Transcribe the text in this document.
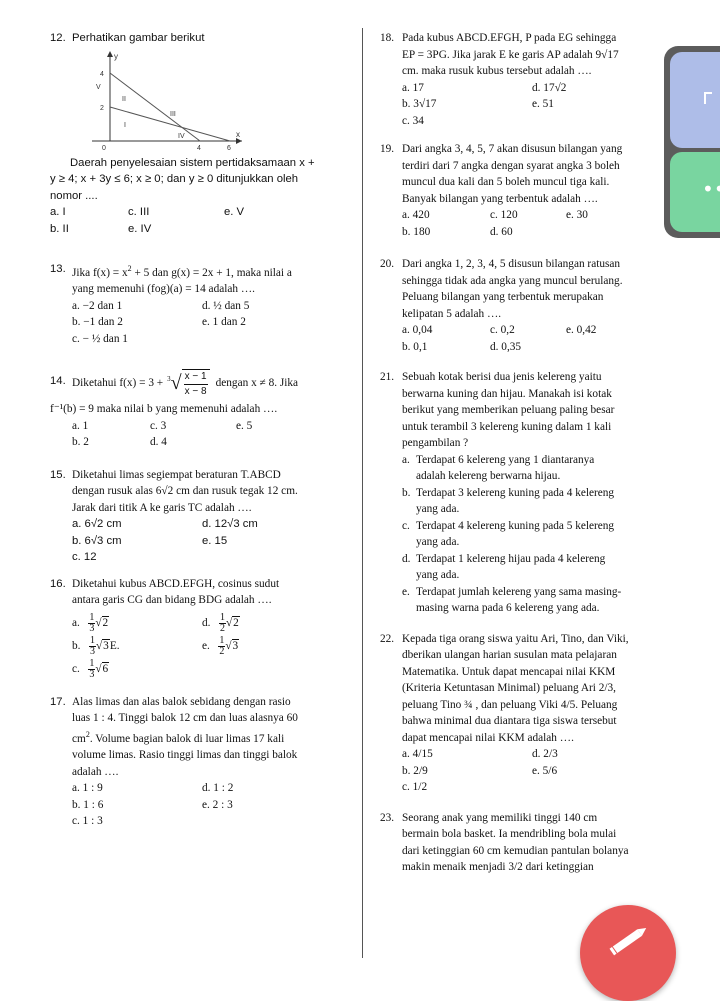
12. Perhatikan gambar berikut
y
x
4
2
0	4	6
V
II
III
I
IV
Daerah penyelesaian sistem pertidaksamaan x +
y ≥ 4; x + 3y ≤ 6; x ≥ 0; dan y ≥ 0 ditunjukkan oleh
nomor ....
a. I	c. III	e. V
b. II	e. IV
13. Jika $f(x) = x^2 + 5$ dan g(x) = 2x + 1, maka nilai a
yang memenuhi (fog)(a) = 14 adalah ….
a. −2 dan 1	d. ½ dan 5
b. −1 dan 2	e. 1 dan 2
c. − ½ dan 1
14. Diketahui f(x) = 3 + 3 √ $\frac{x - 1}{x - 8}$ dengan x ≠ 8. Jika
f⁻¹(b) = 9 maka nilai b yang memenuhi adalah ….
a. 1	c. 3	e. 5
b. 2	d. 4
15. Diketahui limas segiempat beraturan T.ABCD
dengan rusuk alas 6√2 cm dan rusuk tegak 12 cm.
Jarak dari titik A ke garis TC adalah ….
a. 6√2 cm	d. 12√3 cm
b. 6√3 cm	e. 15
c. 12
16. Diketahui kubus ABCD.EFGH, cosinus sudut
antara garis CG dan bidang BDG adalah ….
a. $\frac{1}{3} √2$	d. $\frac{1}{2} √2$
b. $\frac{1}{3} √3E$.	e. $\frac{1}{2} √3$
c. $\frac{1}{3} √6$
17. Alas limas dan alas balok sebidang dengan rasio
luas 1 : 4. Tinggi balok 12 cm dan luas alasnya 60
$cm^2$. Volume bagian balok di luar limas 17 kali
volume limas. Rasio tinggi limas dan tinggi balok
adalah ….
a. 1 : 9	d. 1 : 2
b. 1 : 6	e. 2 : 3
c. 1 : 3
18. Pada kubus ABCD.EFGH, P pada EG sehingga
EP = 3PG. Jika jarak E ke garis AP adalah 9√17
cm. maka rusuk kubus tersebut adalah ….
a. 17	d. 17√2
b. 3√17	e. 51
c. 34
19. Dari angka 3, 4, 5, 7 akan disusun bilangan yang
terdiri dari 7 angka dengan syarat angka 3 boleh
muncul dua kali dan 5 boleh muncul tiga kali.
Banyak bilangan yang terbentuk adalah ….
a. 420	c. 120	e. 30
b. 180	d. 60
20. Dari angka 1, 2, 3, 4, 5 disusun bilangan ratusan
sehingga tidak ada angka yang muncul berulang.
Peluang bilangan yang terbentuk merupakan
kelipatan 5 adalah ….
a. 0,04	c. 0,2	e. 0,42
b. 0,1	d. 0,35
21. Sebuah kotak berisi dua jenis kelereng yaitu
berwarna kuning dan hijau. Manakah isi kotak
berikut yang memberikan peluang paling besar
untuk terambil 3 kelereng kuning dalam 1 kali
pengambilan ?
a. Terdapat 6 kelereng yang 1 diantaranya
adalah kelereng berwarna hijau.
b. Terdapat 3 kelereng kuning pada 4 kelereng
yang ada.
c. Terdapat 4 kelereng kuning pada 5 kelereng
yang ada.
d. Terdapat 1 kelereng hijau pada 4 kelereng
yang ada.
e. Terdapat jumlah kelereng yang sama masing-
masing warna pada 6 kelereng yang ada.
22. Kepada tiga orang siswa yaitu Ari, Tino, dan Viki,
dberikan ulangan harian susulan mata pelajaran
Matematika. Untuk dapat mencapai nilai KKM
(Kriteria Ketuntasan Minimal) peluang Ari 2/3,
peluang Tino ¾ , dan peluang Viki 4/5. Peluang
bahwa minimal dua diantara tiga siswa tersebut
dapat mencapai nilai KKM adalah ….
a. 4/15	d. 2/3
b. 2/9	e. 5/6
c. 1/2
23. Seorang anak yang memiliki tinggi 140 cm
bermain bola basket. Ia mendribling bola mulai
dari ketinggian 60 cm kemudian pantulan bolanya
makin menaik menjadi 3/2 dari ketinggian
••
